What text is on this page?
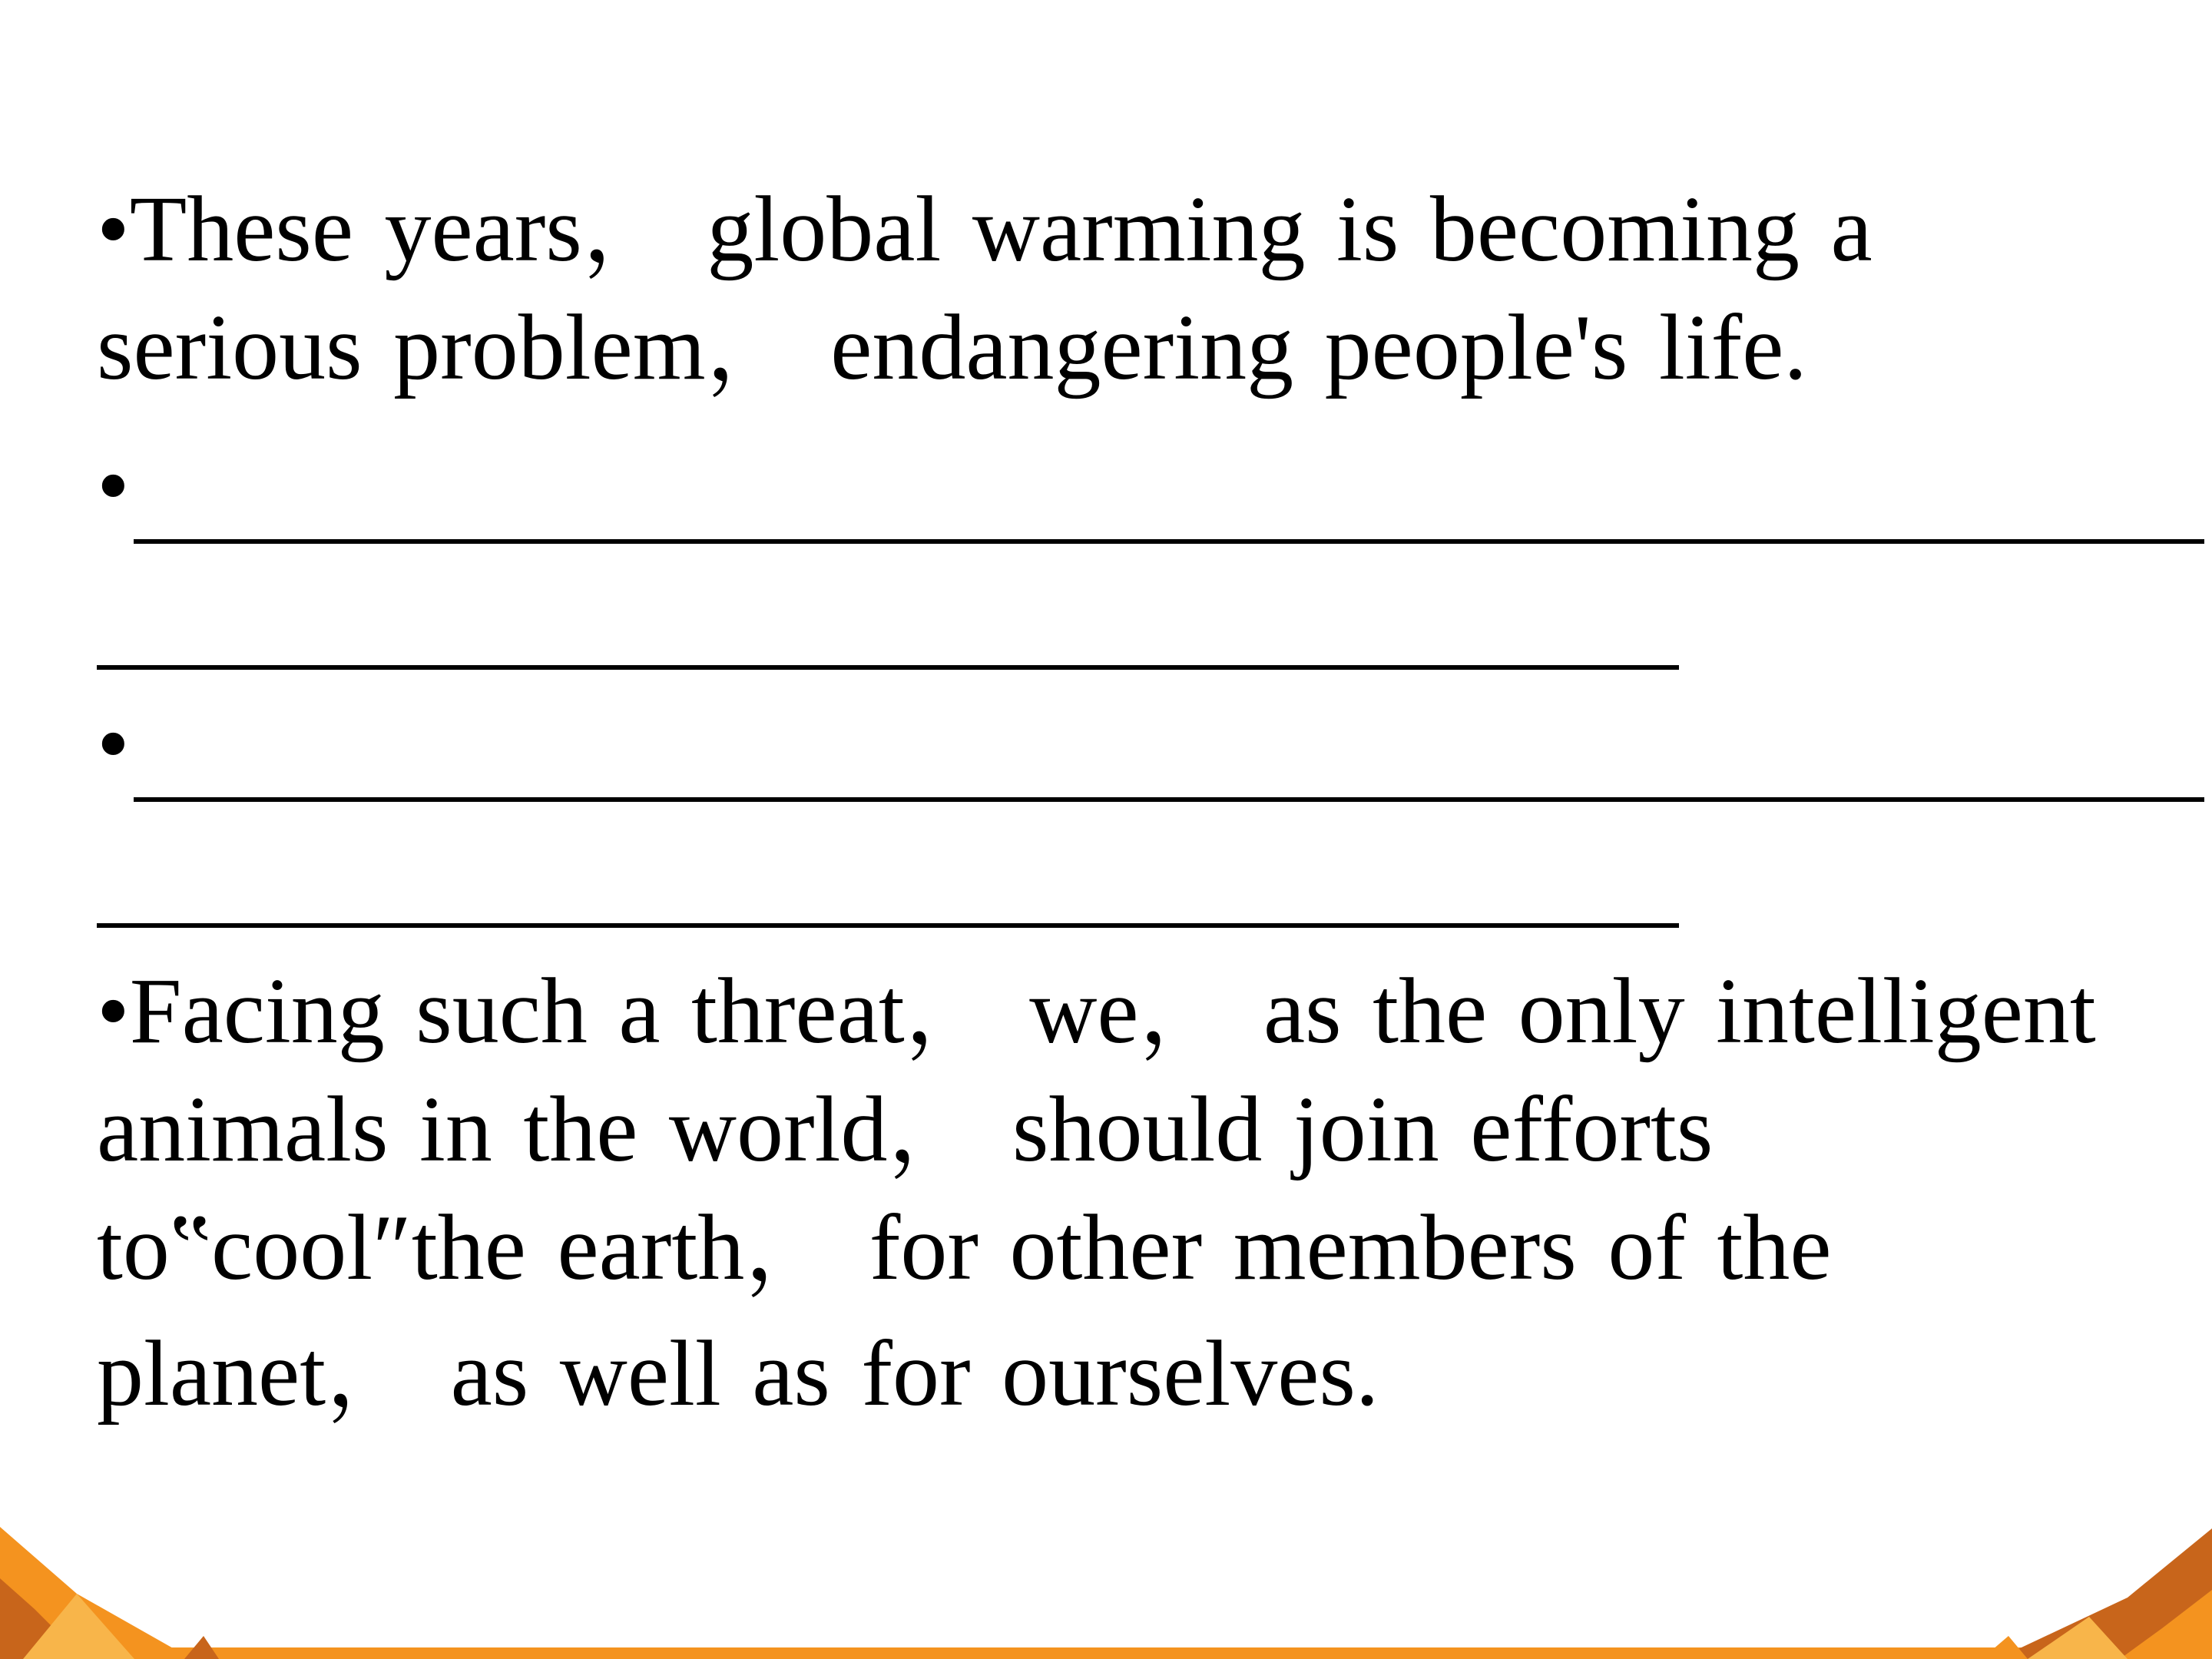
•These years， global warming is becoming a
serious problem， endangering people's life.

•
•

•Facing such a threat， we， as the only intelligent
animals in the world， should join efforts
to‟cool″the earth， for other members of the
planet， as well as for ourselves.
